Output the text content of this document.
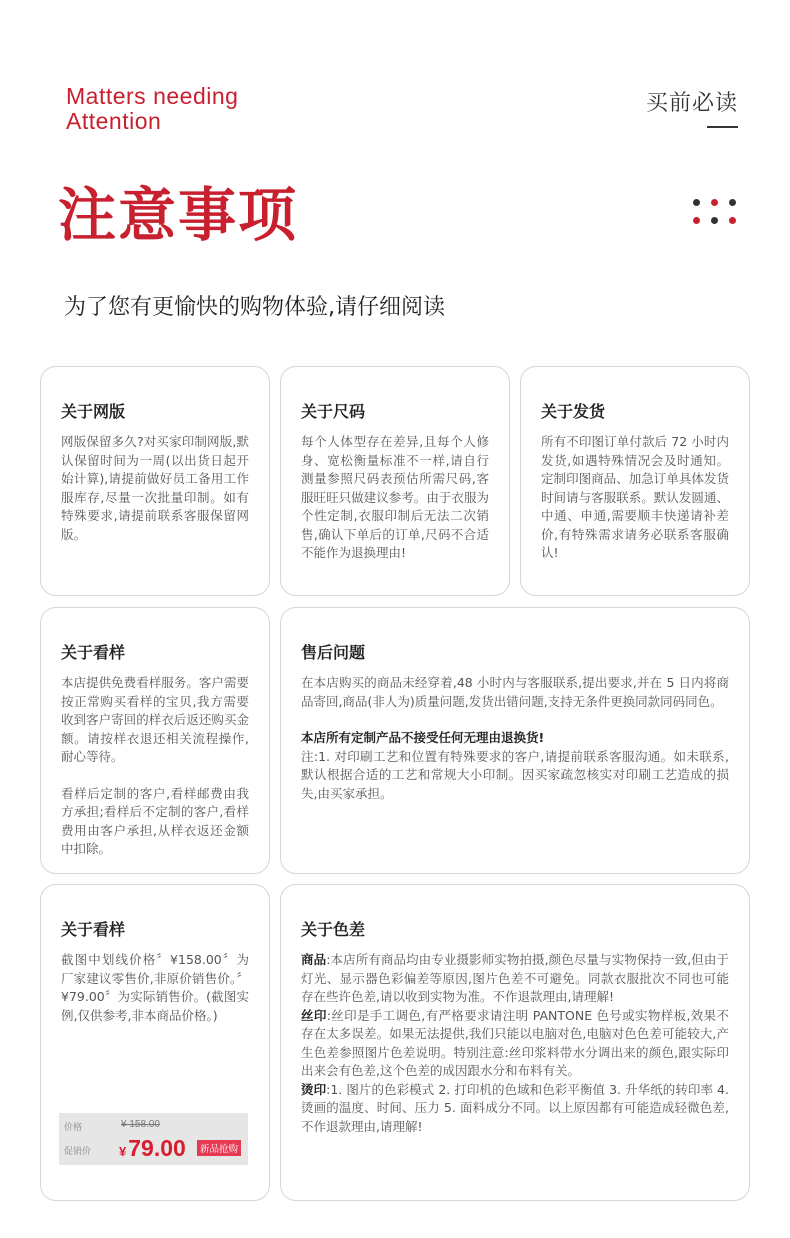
Matters needing
Attention
买前必读
注意事项
为了您有更愉快的购物体验,请仔细阅读
关于网版

网版保留多久?对买家印制网版,默认保留时间为一周(以出货日起开始计算),请提前做好员工备用工作服库存,尽量一次批量印制。如有特殊要求,请提前联系客服保留网版。

关于尺码

每个人体型存在差异,且每个人修身、宽松衡量标准不一样,请自行测量参照尺码表预估所需尺码,客服旺旺只做建议参考。由于衣服为个性定制,衣服印制后无法二次销售,确认下单后的订单,尺码不合适不能作为退换理由!

关于发货

所有不印图订单付款后 72 小时内发货,如遇特殊情况会及时通知。定制印图商品、加急订单具体发货时间请与客服联系。默认发圆通、中通、申通,需要顺丰快递请补差价,有特殊需求请务必联系客服确认!

关于看样

本店提供免费看样服务。客户需要按正常购买看样的宝贝,我方需要收到客户寄回的样衣后返还购买金额。请按样衣退还相关流程操作,耐心等待。

看样后定制的客户,看样邮费由我方承担;看样后不定制的客户,看样费用由客户承担,从样衣返还金额中扣除。

售后问题

在本店购买的商品未经穿着,48 小时内与客服联系,提出要求,并在 5 日内将商品寄回,商品(非人为)质量问题,发货出错问题,支持无条件更换同款同码同色。

本店所有定制产品不接受任何无理由退换货!

注:1. 对印刷工艺和位置有特殊要求的客户,请提前联系客服沟通。如未联系,默认根据合适的工艺和常规大小印制。因买家疏忽核实对印刷工艺造成的损失,由买家承担。

关于看样

截图中划线价格〞¥158.00〞为厂家建议零售价,非原价销售价。〞¥79.00〞为实际销售价。(截图实例,仅供参考,非本商品价格。)

价格	¥ 158.00
促销价 ¥79.00	新品抢购
关于色差

商品:本店所有商品均由专业摄影师实物拍摄,颜色尽量与实物保持一致,但由于灯光、显示器色彩偏差等原因,图片色差不可避免。同款衣服批次不同也可能存在些许色差,请以收到实物为准。不作退款理由,请理解!

丝印:丝印是手工调色,有严格要求请注明 PANTONE 色号或实物样板,效果不存在太多误差。如果无法提供,我们只能以电脑对色,电脑对色色差可能较大,产生色差参照图片色差说明。特别注意:丝印浆料带水分调出来的颜色,跟实际印出来会有色差,这个色差的成因跟水分和布料有关。

烫印:1. 图片的色彩模式 2. 打印机的色域和色彩平衡值 3. 升华纸的转印率 4. 烫画的温度、时间、压力 5. 面料成分不同。以上原因都有可能造成轻微色差,不作退款理由,请理解!
